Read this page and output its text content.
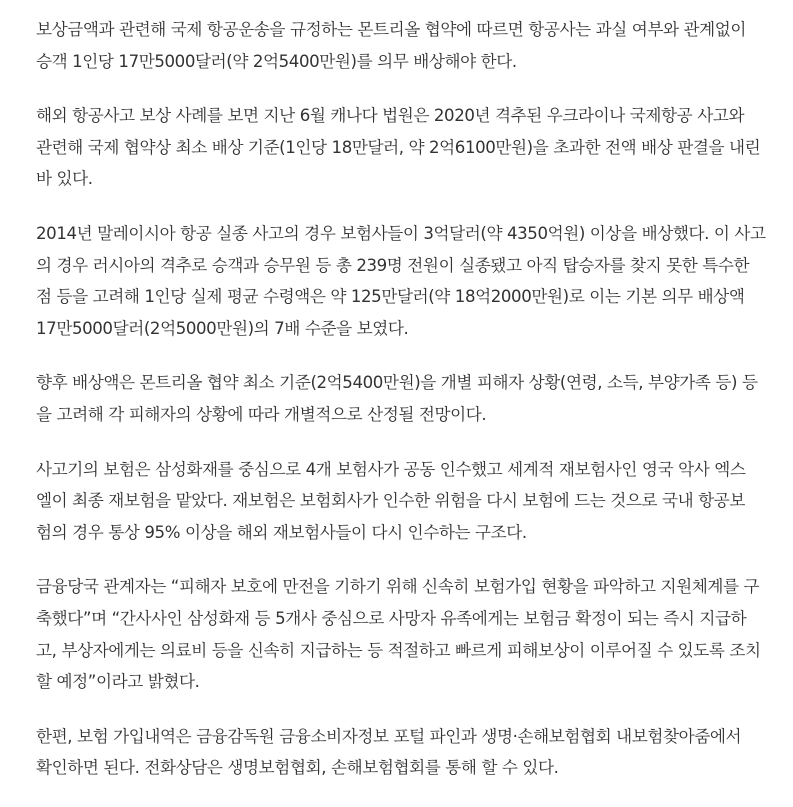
보상금액과 관련해 국제 항공운송을 규정하는 몬트리올 협약에 따르면 항공사는 과실 여부와 관계없이
승객 1인당 17만5000달러(약 2억5400만원)를 의무 배상해야 한다.

해외 항공사고 보상 사례를 보면 지난 6월 캐나다 법원은 2020년 격추된 우크라이나 국제항공 사고와
관련해 국제 협약상 최소 배상 기준(1인당 18만달러, 약 2억6100만원)을 초과한 전액 배상 판결을 내린
바 있다.

2014년 말레이시아 항공 실종 사고의 경우 보험사들이 3억달러(약 4350억원) 이상을 배상했다. 이 사고
의 경우 러시아의 격추로 승객과 승무원 등 총 239명 전원이 실종됐고 아직 탑승자를 찾지 못한 특수한
점 등을 고려해 1인당 실제 평균 수령액은 약 125만달러(약 18억2000만원)로 이는 기본 의무 배상액
17만5000달러(2억5000만원)의 7배 수준을 보였다.

향후 배상액은 몬트리올 협약 최소 기준(2억5400만원)을 개별 피해자 상황(연령, 소득, 부양가족 등) 등
을 고려해 각 피해자의 상황에 따라 개별적으로 산정될 전망이다.

사고기의 보험은 삼성화재를 중심으로 4개 보험사가 공동 인수했고 세계적 재보험사인 영국 악사 엑스
엘이 최종 재보험을 맡았다. 재보험은 보험회사가 인수한 위험을 다시 보험에 드는 것으로 국내 항공보
험의 경우 통상 95% 이상을 해외 재보험사들이 다시 인수하는 구조다.

금융당국 관계자는 “피해자 보호에 만전을 기하기 위해 신속히 보험가입 현황을 파악하고 지원체계를 구
축했다”며 “간사사인 삼성화재 등 5개사 중심으로 사망자 유족에게는 보험금 확정이 되는 즉시 지급하
고, 부상자에게는 의료비 등을 신속히 지급하는 등 적절하고 빠르게 피해보상이 이루어질 수 있도록 조치
할 예정”이라고 밝혔다.

한편, 보험 가입내역은 금융감독원 금융소비자정보 포털 파인과 생명·손해보험협회 내보험찾아줌에서
확인하면 된다. 전화상담은 생명보험협회, 손해보험협회를 통해 할 수 있다.
